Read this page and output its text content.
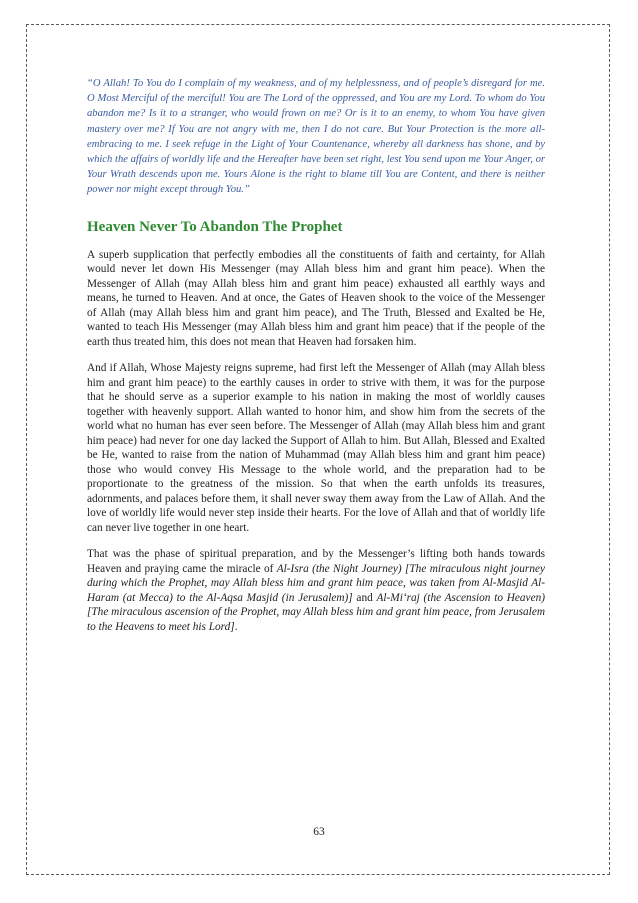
“O Allah! To You do I complain of my weakness, and of my helplessness, and of people’s disregard for me. O Most Merciful of the merciful! You are The Lord of the oppressed, and You are my Lord. To whom do You abandon me? Is it to a stranger, who would frown on me? Or is it to an enemy, to whom You have given mastery over me? If You are not angry with me, then I do not care. But Your Protection is the more all-embracing to me. I seek refuge in the Light of Your Countenance, whereby all darkness has shone, and by which the affairs of worldly life and the Hereafter have been set right, lest You send upon me Your Anger, or Your Wrath descends upon me. Yours Alone is the right to blame till You are Content, and there is neither power nor might except through You.”

Heaven Never To Abandon The Prophet

A superb supplication that perfectly embodies all the constituents of faith and certainty, for Allah would never let down His Messenger (may Allah bless him and grant him peace). When the Messenger of Allah (may Allah bless him and grant him peace) exhausted all earthly ways and means, he turned to Heaven. And at once, the Gates of Heaven shook to the voice of the Messenger of Allah (may Allah bless him and grant him peace), and The Truth, Blessed and Exalted be He, wanted to teach His Messenger (may Allah bless him and grant him peace) that if the people of the earth thus treated him, this does not mean that Heaven had forsaken him.

And if Allah, Whose Majesty reigns supreme, had first left the Messenger of Allah (may Allah bless him and grant him peace) to the earthly causes in order to strive with them, it was for the purpose that he should serve as a superior example to his nation in making the most of worldly causes together with heavenly support. Allah wanted to honor him, and show him from the secrets of the world what no human has ever seen before. The Messenger of Allah (may Allah bless him and grant him peace) had never for one day lacked the Support of Allah to him. But Allah, Blessed and Exalted be He, wanted to raise from the nation of Muhammad (may Allah bless him and grant him peace) those who would convey His Message to the whole world, and the preparation had to be proportionate to the greatness of the mission. So that when the earth unfolds its treasures, adornments, and palaces before them, it shall never sway them away from the Law of Allah. And the love of worldly life would never step inside their hearts. For the love of Allah and that of worldly life can never live together in one heart.

That was the phase of spiritual preparation, and by the Messenger’s lifting both hands towards Heaven and praying came the miracle of Al-Isra (the Night Journey) [The miraculous night journey during which the Prophet, may Allah bless him and grant him peace, was taken from Al-Masjid Al-Haram (at Mecca) to the Al-Aqsa Masjid (in Jerusalem)] and Al-Mi‘raj (the Ascension to Heaven) [The miraculous ascension of the Prophet, may Allah bless him and grant him peace, from Jerusalem to the Heavens to meet his Lord].

63
